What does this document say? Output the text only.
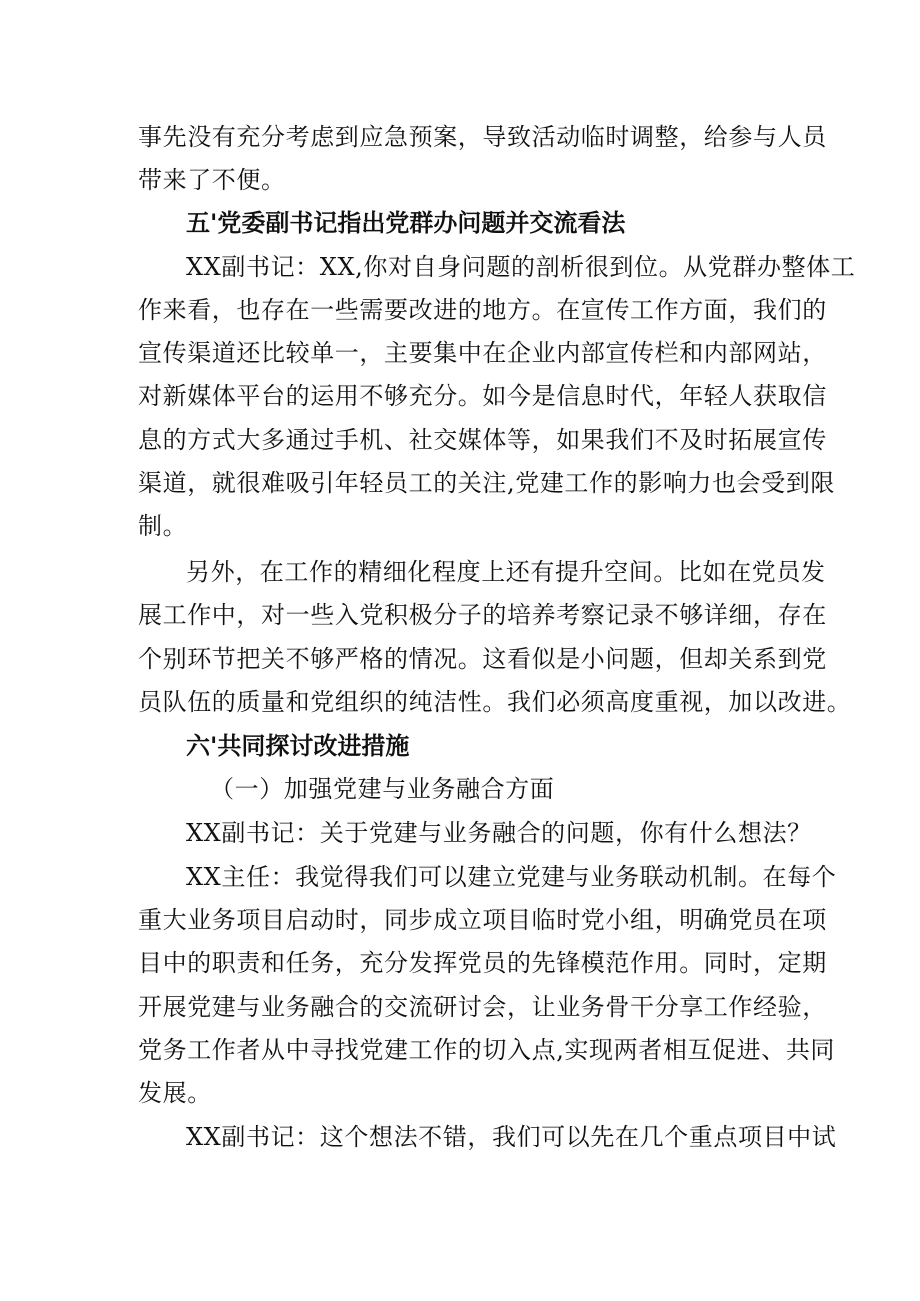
事先没有充分考虑到应急预案，导致活动临时调整，给参与人员
带来了不便。
五'党委副书记指出党群办问题并交流看法
XX副书记：XX,你对自身问题的剖析很到位。从党群办整体工
作来看，也存在一些需要改进的地方。在宣传工作方面，我们的
宣传渠道还比较单一，主要集中在企业内部宣传栏和内部网站，
对新媒体平台的运用不够充分。如今是信息时代，年轻人获取信
息的方式大多通过手机、社交媒体等，如果我们不及时拓展宣传
渠道，就很难吸引年轻员工的关注,党建工作的影响力也会受到限
制。
另外，在工作的精细化程度上还有提升空间。比如在党员发
展工作中，对一些入党积极分子的培养考察记录不够详细，存在
个别环节把关不够严格的情况。这看似是小问题，但却关系到党
员队伍的质量和党组织的纯洁性。我们必须高度重视，加以改进。
六'共同探讨改进措施
（一）加强党建与业务融合方面
XX副书记：关于党建与业务融合的问题，你有什么想法？
XX主任：我觉得我们可以建立党建与业务联动机制。在每个
重大业务项目启动时，同步成立项目临时党小组，明确党员在项
目中的职责和任务，充分发挥党员的先锋模范作用。同时，定期
开展党建与业务融合的交流研讨会，让业务骨干分享工作经验，
党务工作者从中寻找党建工作的切入点,实现两者相互促进、共同
发展。
XX副书记：这个想法不错，我们可以先在几个重点项目中试
